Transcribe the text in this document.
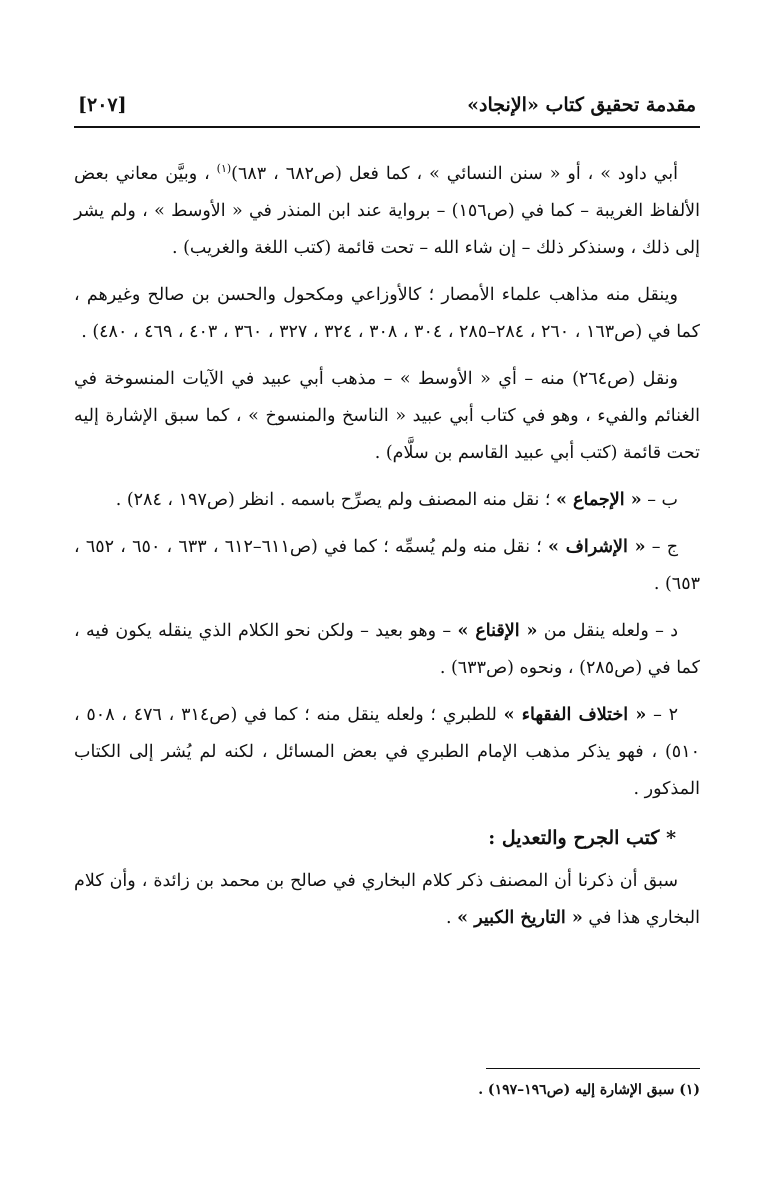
[٢٠٧]	مقدمة تحقيق كتاب «الإنجاد»

أبي داود » ، أو « سنن النسائي » ، كما فعل (ص٦٨٢ ، ٦٨٣)$^{(١)}$ ، وبيَّن معاني بعض الألفاظ الغريبة – كما في (ص١٥٦) – برواية عند ابن المنذر في « الأوسط » ، ولم يشر إلى ذلك ، وسنذكر ذلك – إن شاء الله – تحت قائمة (كتب اللغة والغريب) .

وينقل منه مذاهب علماء الأمصار ؛ كالأوزاعي ومكحول والحسن بن صالح وغيرهم ، كما في (ص١٦٣ ، ٢٦٠ ، ٢٨٤–٢٨٥ ، ٣٠٤ ، ٣٠٨ ، ٣٢٤ ، ٣٢٧ ، ٣٦٠ ، ٤٠٣ ، ٤٦٩ ، ٤٨٠) .

ونقل (ص٢٦٤) منه – أي « الأوسط » – مذهب أبي عبيد في الآيات المنسوخة في الغنائم والفيء ، وهو في كتاب أبي عبيد « الناسخ والمنسوخ » ، كما سبق الإشارة إليه تحت قائمة (كتب أبي عبيد القاسم بن سلَّام) .

ب – « الإجماع » ؛ نقل منه المصنف ولم يصرِّح باسمه . انظر (ص١٩٧ ، ٢٨٤) .

ج – « الإشراف » ؛ نقل منه ولم يُسمِّه ؛ كما في (ص٦١١–٦١٢ ، ٦٣٣ ، ٦٥٠ ، ٦٥٢ ، ٦٥٣) .

د – ولعله ينقل من « الإقناع » – وهو بعيد – ولكن نحو الكلام الذي ينقله يكون فيه ، كما في (ص٢٨٥) ، ونحوه (ص٦٣٣) .

٢ – « اختلاف الفقهاء » للطبري ؛ ولعله ينقل منه ؛ كما في (ص٣١٤ ، ٤٧٦ ، ٥٠٨ ، ٥١٠) ، فهو يذكر مذهب الإمام الطبري في بعض المسائل ، لكنه لم يُشر إلى الكتاب المذكور .

* كتب الجرح والتعديل :

سبق أن ذكرنا أن المصنف ذكر كلام البخاري في صالح بن محمد بن زائدة ، وأن كلام البخاري هذا في « التاريخ الكبير » .

(١) سبق الإشارة إليه (ص١٩٦–١٩٧) .
